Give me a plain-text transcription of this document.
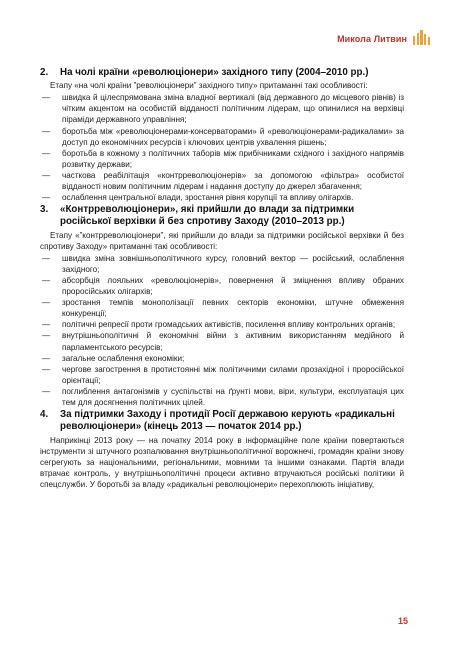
Микола Литвин
2.	На чолі країни «революціонери» західного типу (2004–2010 рр.)

Етапу «на чолі країни ”революціонери” західного типу» притаманні такі особливості:

— швидка й цілеспрямована зміна владної вертикалі (від державного до місцевого рівнів) із чітким акцентом на особистій відданості політичним лідерам, що опинилися на верхівці піраміди державного управління;
— боротьба між «революціонерами-консерваторами» й «революціонерами-радикалами» за доступ до економічних ресурсів і ключових центрів ухвалення рішень;
— боротьба в кожному з політичних таборів між прибічниками східного і західного напрямів розвитку держави;
— часткова реабілітація «контрреволюціонерів» за допомогою «фільтра» особистої відданості новим політичним лідерам і надання доступу до джерел збагачення;
— ослаблення центральної влади, зростання рівня корупції та впливу олігархів.
3.	«Контрреволюціонери», які прийшли до влади за підтримки російської верхівки й без спротиву Заходу (2010–2013 рр.)

Етапу «”контрреволюціонери”, які прийшли до влади за підтримки російської верхівки й без спротиву Заходу» притаманні такі особливості:

— швидка зміна зовнішньополітичного курсу, головний вектор — російський, ослаблення західного;
— абсорбція лояльних «революціонерів», повернення й зміцнення впливу обраних проросійських олігархів;
— зростання темпів монополізації певних секторів економіки, штучне обмеження конкуренції;
— політичні репресії проти громадських активістів, посилення впливу контрольних органів;
— внутрішньополітичні й економічні війни з активним використанням медійного й парламентського ресурсів;
— загальне ослаблення економіки;
— чергове загострення в протистоянні між політичними силами прозахідної і проросійської орієнтації;
— поглиблення антагонізмів у суспільстві на ґрунті мови, віри, культури, експлуатація цих тем для досягнення політичних цілей.
4.	За підтримки Заходу і протидії Росії державою керують «радикальні революціонери» (кінець 2013 — початок 2014 рр.)

Наприкінці 2013 року — на початку 2014 року в інформаційне поле країни повертаються інструменти зі штучного розпалювання внутрішньополітичної ворожнечі, громадян країни знову сегрегують за національними, регіональними, мовними та іншими ознаками. Партія влади втрачає контроль, у внутрішньополітичні процеси активно втручаються російські політики й спецслужби. У боротьбі за владу «радикальні революціонери» перехоплюють ініціативу,

15
